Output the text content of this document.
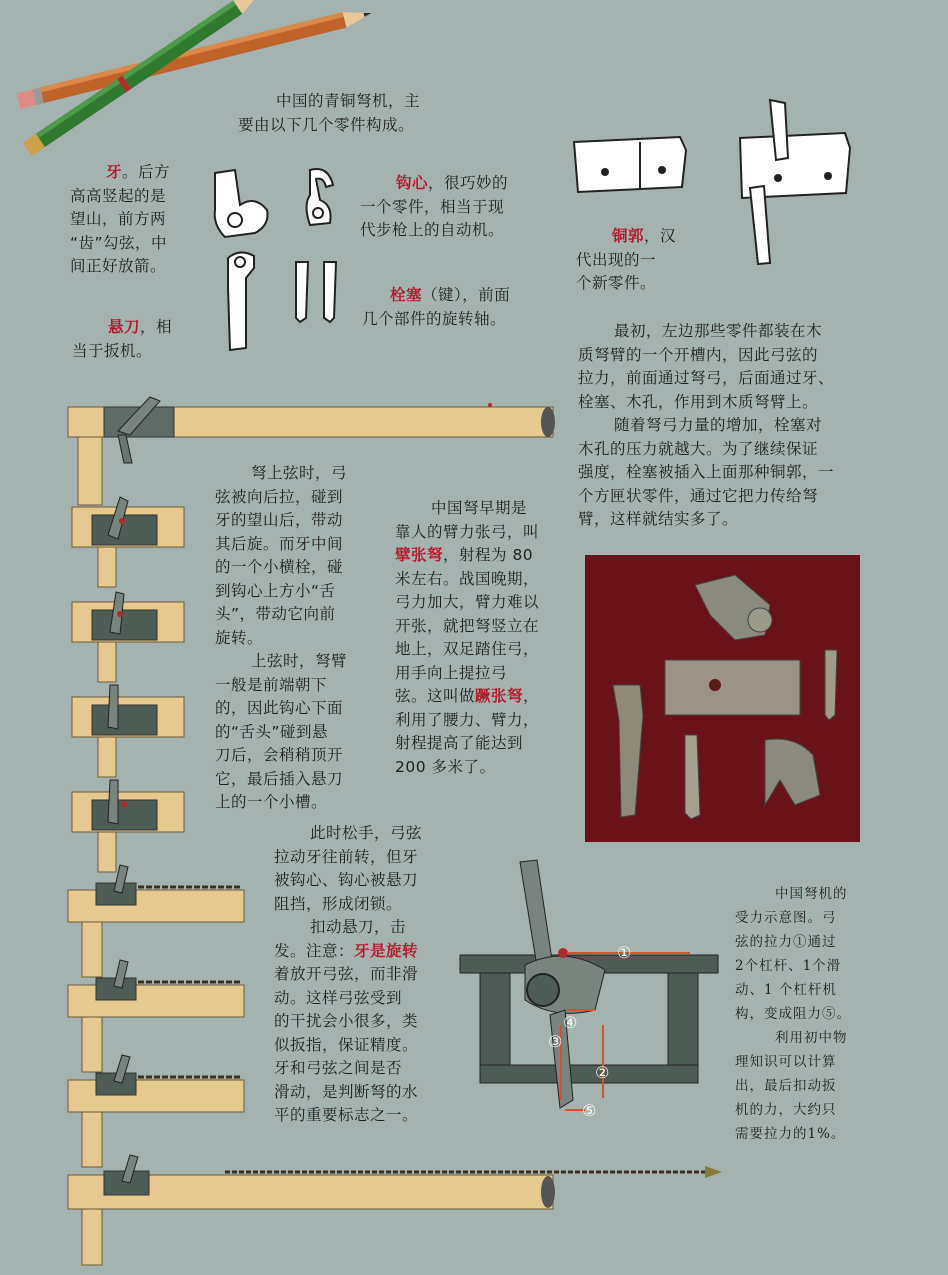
中国的青铜弩机，主
要由以下几个零件构成。
牙。后方
高高竖起的是
望山，前方两
“齿”勾弦，中
间正好放箭。
悬刀，相
当于扳机。
钩心，很巧妙的
一个零件，相当于现
代步枪上的自动机。
栓塞（键），前面
几个部件的旋转轴。
铜郭，汉
代出现的一
个新零件。
最初，左边那些零件都装在木
质弩臂的一个开槽内，因此弓弦的
拉力，前面通过弩弓，后面通过牙、
栓塞、木孔，作用到木质弩臂上。
随着弩弓力量的增加，栓塞对
木孔的压力就越大。为了继续保证
强度，栓塞被插入上面那种铜郭，一
个方匣状零件，通过它把力传给弩
臂，这样就结实多了。
弩上弦时，弓
弦被向后拉，碰到
牙的望山后，带动
其后旋。而牙中间
的一个小横栓，碰
到钩心上方小“舌
头”，带动它向前
旋转。
上弦时，弩臂
一般是前端朝下
的，因此钩心下面
的“舌头”碰到悬
刀后，会稍稍顶开
它，最后插入悬刀
上的一个小槽。
此时松手，弓弦
拉动牙往前转，但牙
被钩心、钩心被悬刀
阻挡，形成闭锁。
扣动悬刀，击
发。注意：牙是旋转
着放开弓弦，而非滑
动。这样弓弦受到
的干扰会小很多，类
似扳指，保证精度。
牙和弓弦之间是否
滑动，是判断弩的水
平的重要标志之一。
中国弩早期是
靠人的臂力张弓，叫
擘张弩，射程为 80
米左右。战国晚期，
弓力加大，臂力难以
开张，就把弩竖立在
地上，双足踏住弓，
用手向上提拉弓
弦。这叫做蹶张弩，
利用了腰力、臂力，
射程提高了能达到
200 多米了。
①
②
③
④
⑤
中国弩机的
受力示意图。弓
弦的拉力①通过
2个杠杆、1个滑
动、1 个杠杆机
构，变成阻力⑤。
利用初中物
理知识可以计算
出，最后扣动扳
机的力，大约只
需要拉力的1%。
